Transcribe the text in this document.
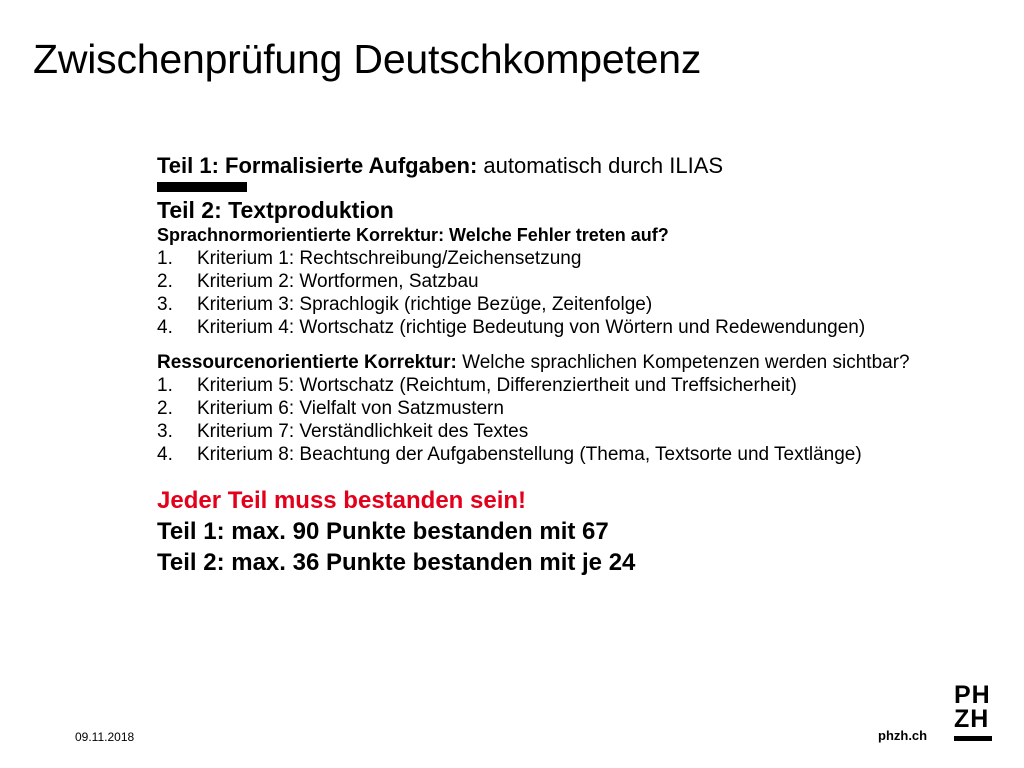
Zwischenprüfung Deutschkompetenz
Teil 1: Formalisierte Aufgaben: automatisch durch ILIAS
Teil 2: Textproduktion
Sprachnormorientierte Korrektur: Welche Fehler treten auf?
1. Kriterium 1: Rechtschreibung/Zeichensetzung
2. Kriterium 2: Wortformen, Satzbau
3. Kriterium 3: Sprachlogik (richtige Bezüge, Zeitenfolge)
4. Kriterium 4: Wortschatz (richtige Bedeutung von Wörtern und Redewendungen)
Ressourcenorientierte Korrektur: Welche sprachlichen Kompetenzen werden sichtbar?
1. Kriterium 5: Wortschatz (Reichtum, Differenziertheit und Treffsicherheit)
2. Kriterium 6: Vielfalt von Satzmustern
3. Kriterium 7: Verständlichkeit des Textes
4. Kriterium 8: Beachtung der Aufgabenstellung (Thema, Textsorte und Textlänge)
Jeder Teil muss bestanden sein!
Teil 1: max. 90 Punkte bestanden mit 67
Teil 2: max. 36 Punkte bestanden mit je 24
09.11.2018	phzh.ch
PH
ZH
